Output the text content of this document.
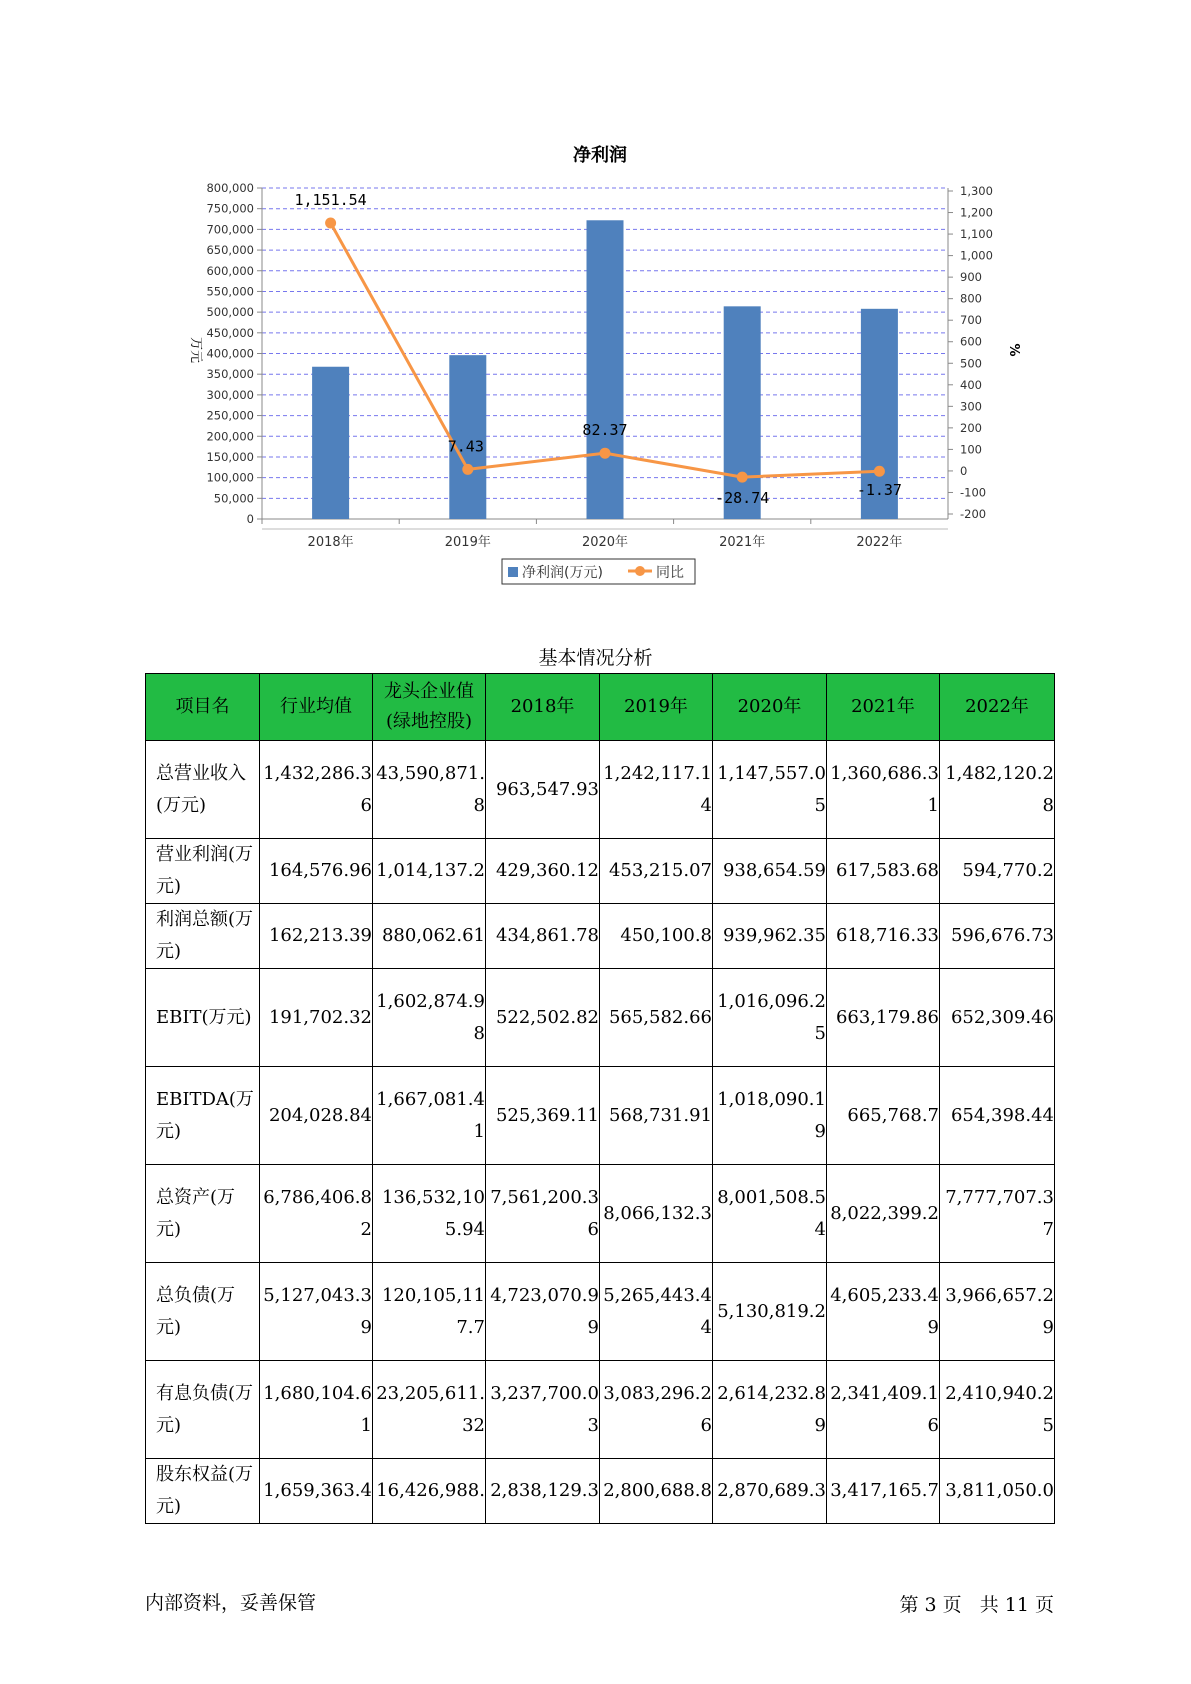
净利润
0
50,000
100,000
150,000
200,000
250,000
300,000
350,000
400,000
450,000
500,000
550,000
600,000
650,000
700,000
750,000
800,000
-200
-100
0
100
200
300
400
500
600
700
800
900
1,000
1,100
1,200
1,300
万元	%
2018年	2019年	2020年	2021年	2022年
1,151.54
7.43
82.37
-28.74	-1.37
净利润(万元)	同比
基本情况分析
项目名	行业均值	龙头企业值(绿地控股)	2018年	2019年	2020年	2021年	2022年
总营业收入(万元)	1,432,286.36	43,590,871.8	963,547.93	1,242,117.14	1,147,557.05	1,360,686.31	1,482,120.28
营业利润(万元)	164,576.96	1,014,137.2	429,360.12	453,215.07	938,654.59	617,583.68	594,770.2
利润总额(万元)	162,213.39	880,062.61	434,861.78	450,100.8	939,962.35	618,716.33	596,676.73
EBIT(万元)	191,702.32	1,602,874.98	522,502.82	565,582.66	1,016,096.25	663,179.86	652,309.46
EBITDA(万元)	204,028.84	1,667,081.41	525,369.11	568,731.91	1,018,090.19	665,768.7	654,398.44
总资产(万元)	6,786,406.82	136,532,105.94	7,561,200.36	8,066,132.3	8,001,508.54	8,022,399.2	7,777,707.37
总负债(万元)	5,127,043.39	120,105,117.7	4,723,070.99	5,265,443.44	5,130,819.2	4,605,233.49	3,966,657.29
有息负债(万元)	1,680,104.61	23,205,611.32	3,237,700.03	3,083,296.26	2,614,232.89	2,341,409.16	2,410,940.25
股东权益(万元)	1,659,363.4	16,426,988.	2,838,129.3	2,800,688.8	2,870,689.3	3,417,165.7	3,811,050.0
内部资料，妥善保管	第 3 页   共 11 页
